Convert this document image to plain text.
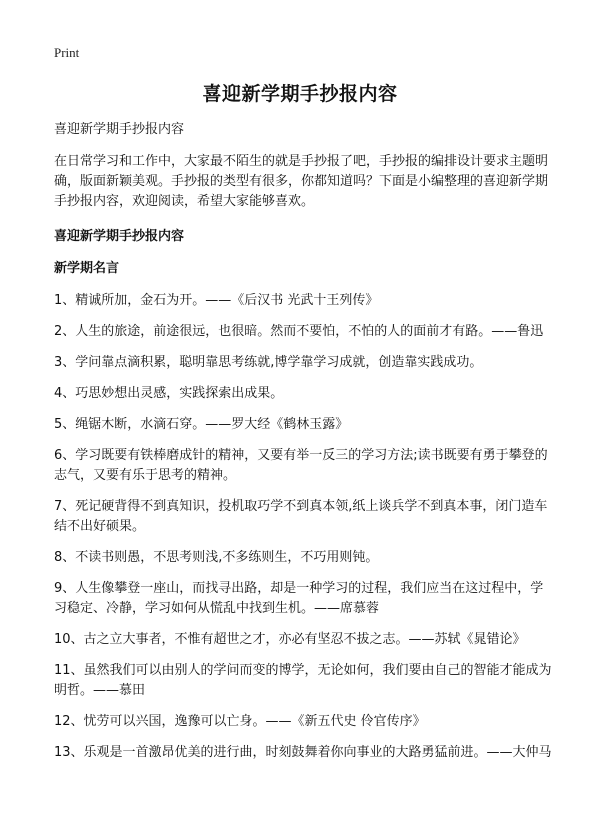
Print
喜迎新学期手抄报内容

喜迎新学期手抄报内容

在日常学习和工作中，大家最不陌生的就是手抄报了吧，手抄报的编排设计要求主题明确，版面新颖美观。手抄报的类型有很多，你都知道吗？下面是小编整理的喜迎新学期手抄报内容，欢迎阅读，希望大家能够喜欢。

喜迎新学期手抄报内容

新学期名言

1、精诚所加，金石为开。——《后汉书 光武十王列传》
2、人生的旅途，前途很远，也很暗。然而不要怕，不怕的人的面前才有路。——鲁迅
3、学问靠点滴积累，聪明靠思考练就,博学靠学习成就，创造靠实践成功。
4、巧思妙想出灵感，实践探索出成果。
5、绳锯木断，水滴石穿。——罗大经《鹤林玉露》
6、学习既要有铁棒磨成针的精神，又要有举一反三的学习方法;读书既要有勇于攀登的志气，又要有乐于思考的精神。
7、死记硬背得不到真知识，投机取巧学不到真本领,纸上谈兵学不到真本事，闭门造车结不出好硕果。
8、不读书则愚，不思考则浅,不多练则生，不巧用则钝。
9、人生像攀登一座山，而找寻出路，却是一种学习的过程，我们应当在这过程中，学习稳定、冷静，学习如何从慌乱中找到生机。——席慕蓉
10、古之立大事者，不惟有超世之才，亦必有坚忍不拔之志。——苏轼《晁错论》
11、虽然我们可以由别人的学问而变的博学，无论如何，我们要由自己的智能才能成为明哲。——慕田
12、忧劳可以兴国，逸豫可以亡身。——《新五代史 伶官传序》
13、乐观是一首激昂优美的进行曲，时刻鼓舞着你向事业的大路勇猛前进。——大仲马
